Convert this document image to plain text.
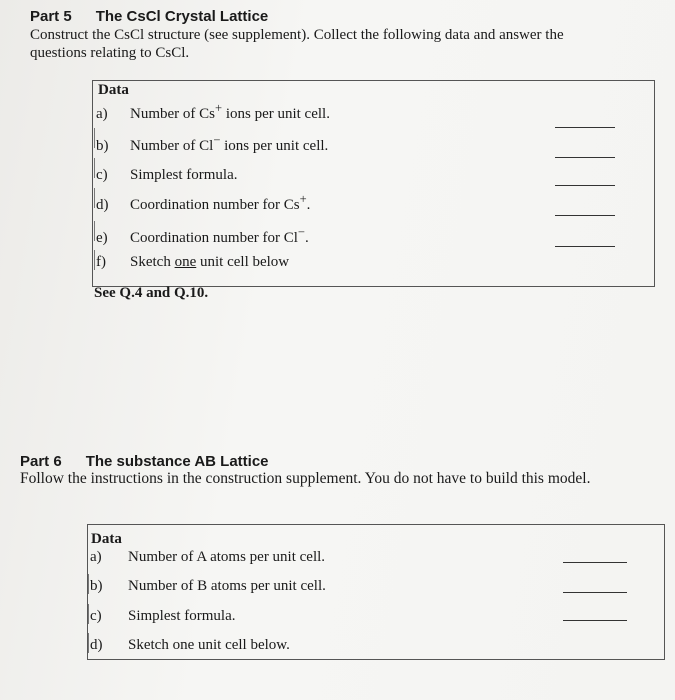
Part 5 The CsCl Crystal Lattice
Construct the CsCl structure (see supplement). Collect the following data and answer the
questions relating to CsCl.
Data
a) Number of Cs+ ions per unit cell.
b) Number of Cl− ions per unit cell.
c) Simplest formula.
d) Coordination number for Cs+.
e) Coordination number for Cl−.
f) Sketch one unit cell below
See Q.4 and Q.10.
Part 6 The substance AB Lattice
Follow the instructions in the construction supplement. You do not have to build this model.
Data
a) Number of A atoms per unit cell.
b) Number of B atoms per unit cell.
c) Simplest formula.
d) Sketch one unit cell below.
